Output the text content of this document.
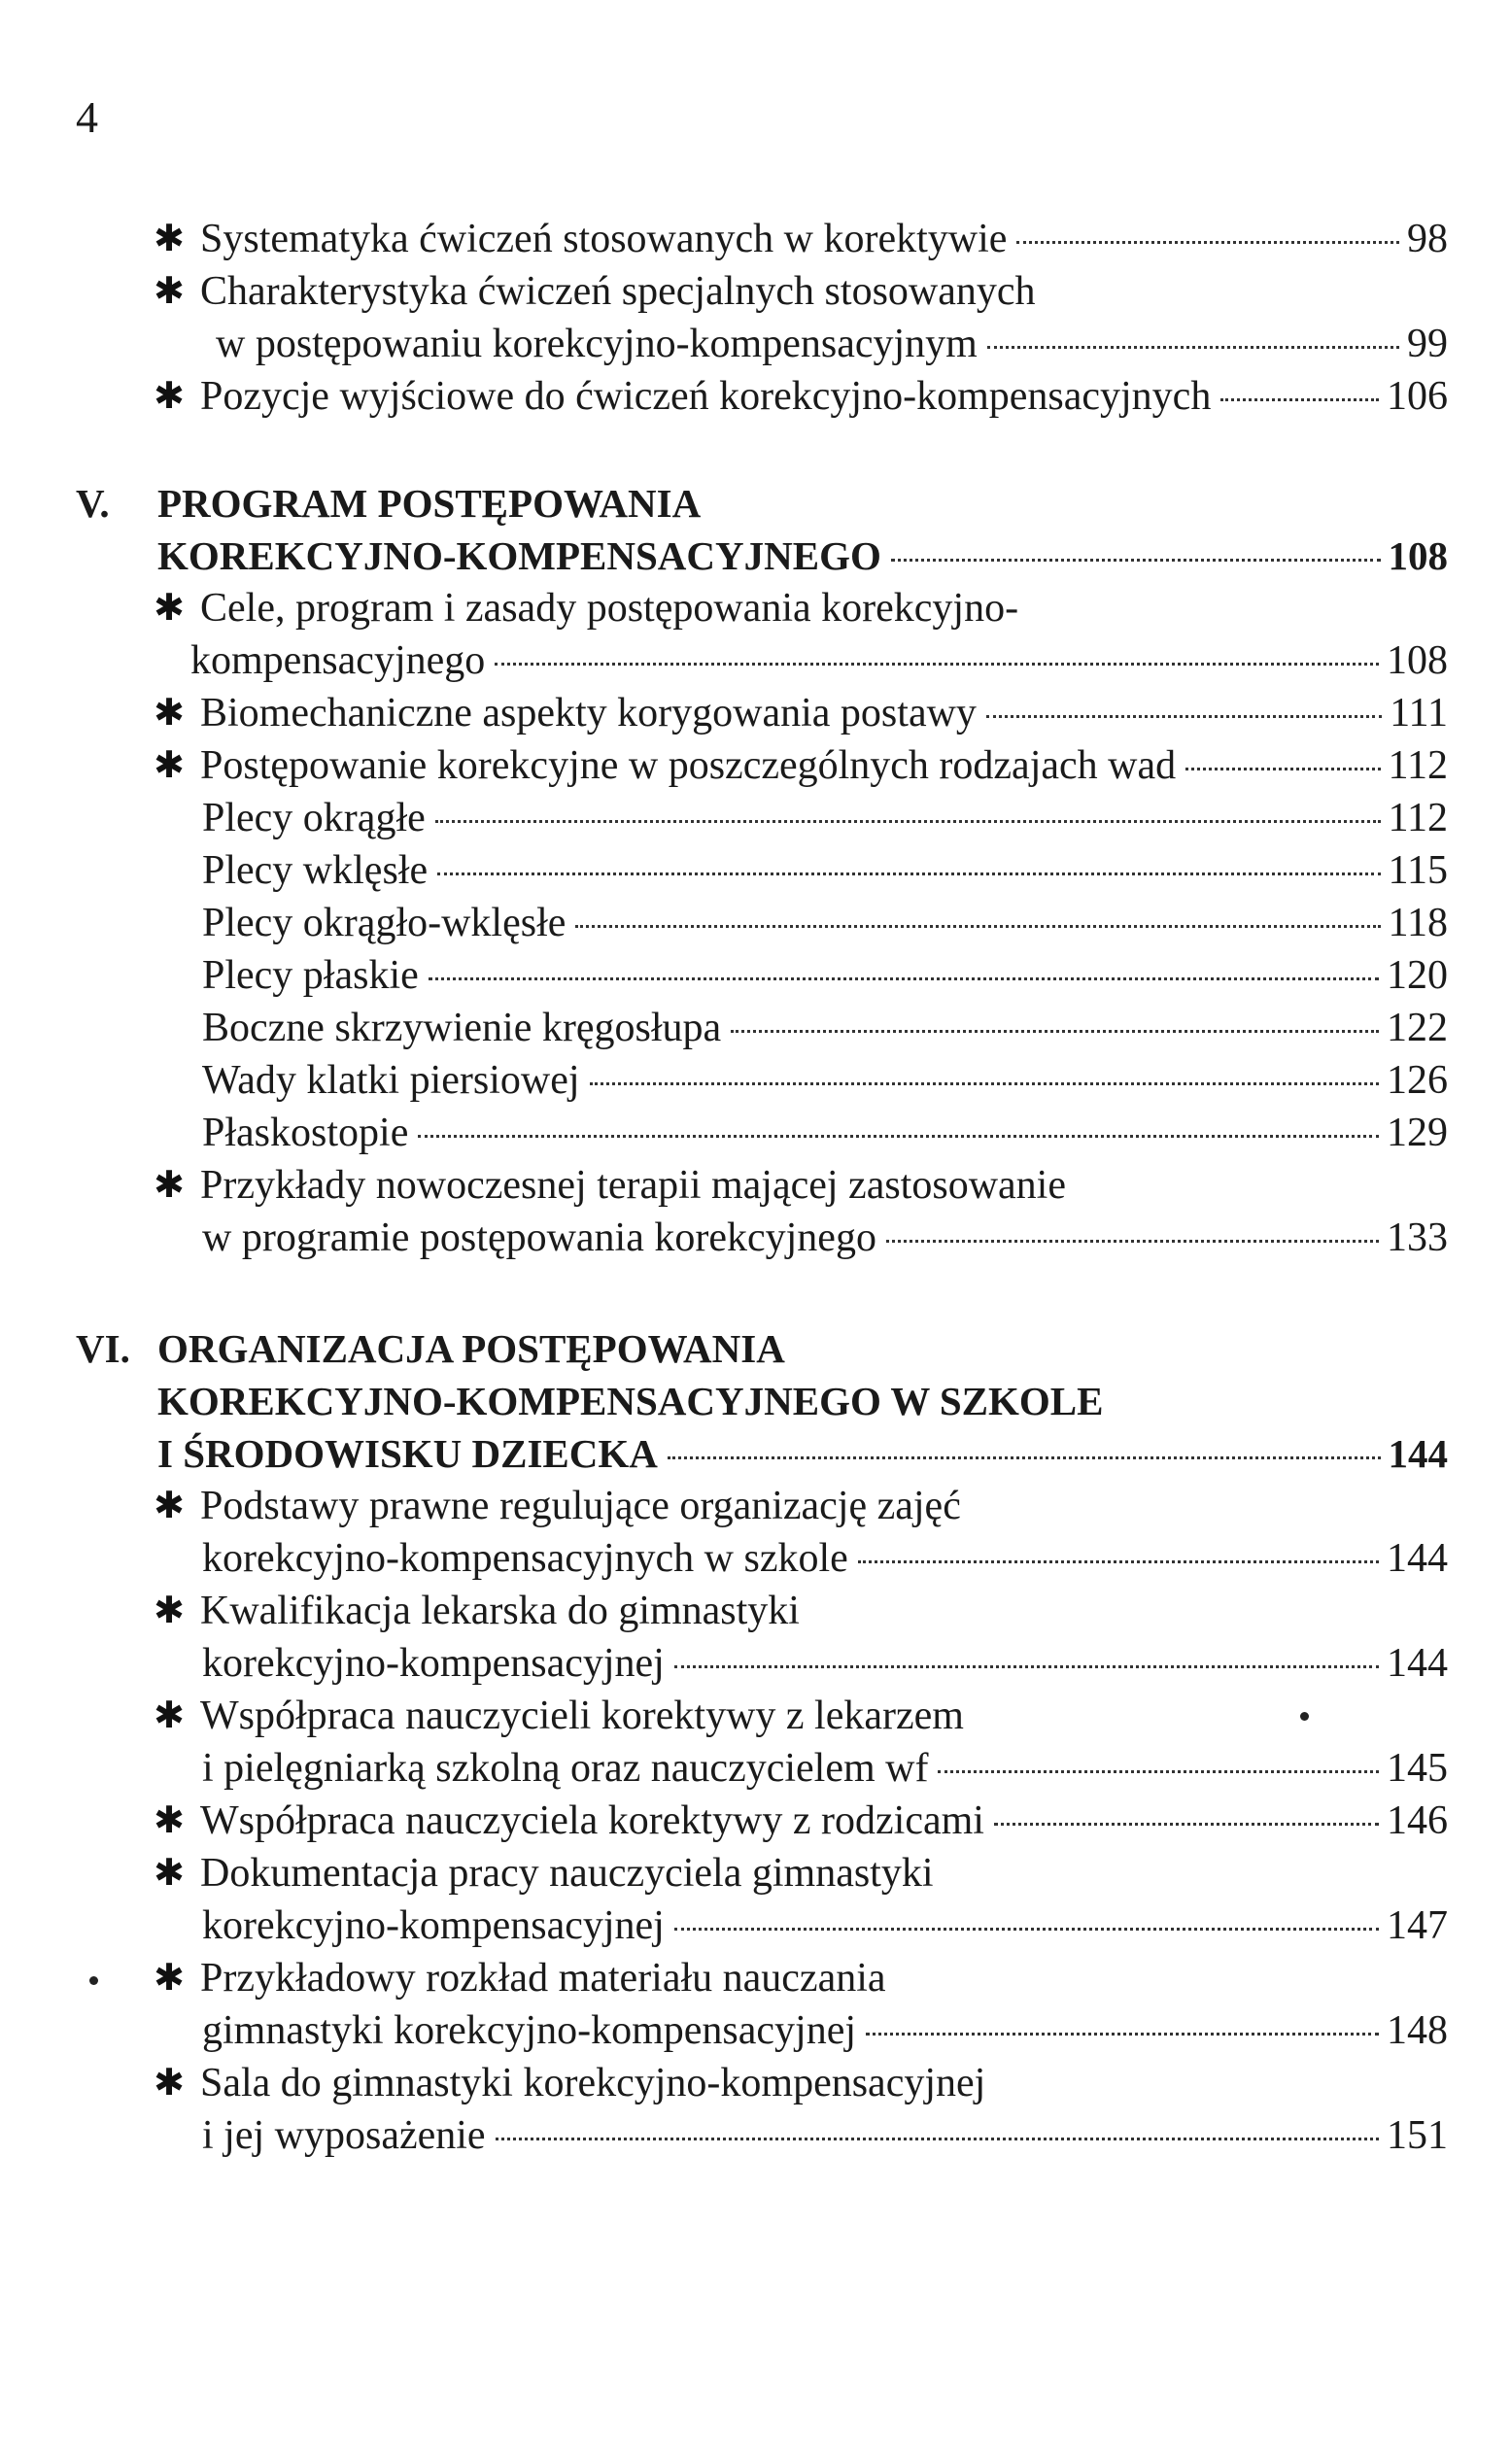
4
✱ Systematyka ćwiczeń stosowanych w korektywie	98
✱ Charakterystyka ćwiczeń specjalnych stosowanych
w postępowaniu korekcyjno-kompensacyjnym	99
✱ Pozycje wyjściowe do ćwiczeń korekcyjno-kompensacyjnych	106
V. PROGRAM POSTĘPOWANIA
KOREKCYJNO-KOMPENSACYJNEGO	108
✱ Cele, program i zasady postępowania korekcyjno-
kompensacyjnego	108
✱ Biomechaniczne aspekty korygowania postawy	111
✱ Postępowanie korekcyjne w poszczególnych rodzajach wad	112
Plecy okrągłe	112
Plecy wklęsłe	115
Plecy okrągło-wklęsłe	118
Plecy płaskie	120
Boczne skrzywienie kręgosłupa	122
Wady klatki piersiowej	126
Płaskostopie	129
✱ Przykłady nowoczesnej terapii mającej zastosowanie
w programie postępowania korekcyjnego	133
VI. ORGANIZACJA POSTĘPOWANIA
KOREKCYJNO-KOMPENSACYJNEGO W SZKOLE
I ŚRODOWISKU DZIECKA	144
✱ Podstawy prawne regulujące organizację zajęć
korekcyjno-kompensacyjnych w szkole	144
✱ Kwalifikacja lekarska do gimnastyki
korekcyjno-kompensacyjnej	144
✱ Współpraca nauczycieli korektywy z lekarzem
i pielęgniarką szkolną oraz nauczycielem wf	145
✱ Współpraca nauczyciela korektywy z rodzicami	146
✱ Dokumentacja pracy nauczyciela gimnastyki
korekcyjno-kompensacyjnej	147
✱ Przykładowy rozkład materiału nauczania
gimnastyki korekcyjno-kompensacyjnej	148
✱ Sala do gimnastyki korekcyjno-kompensacyjnej
i jej wyposażenie	151
